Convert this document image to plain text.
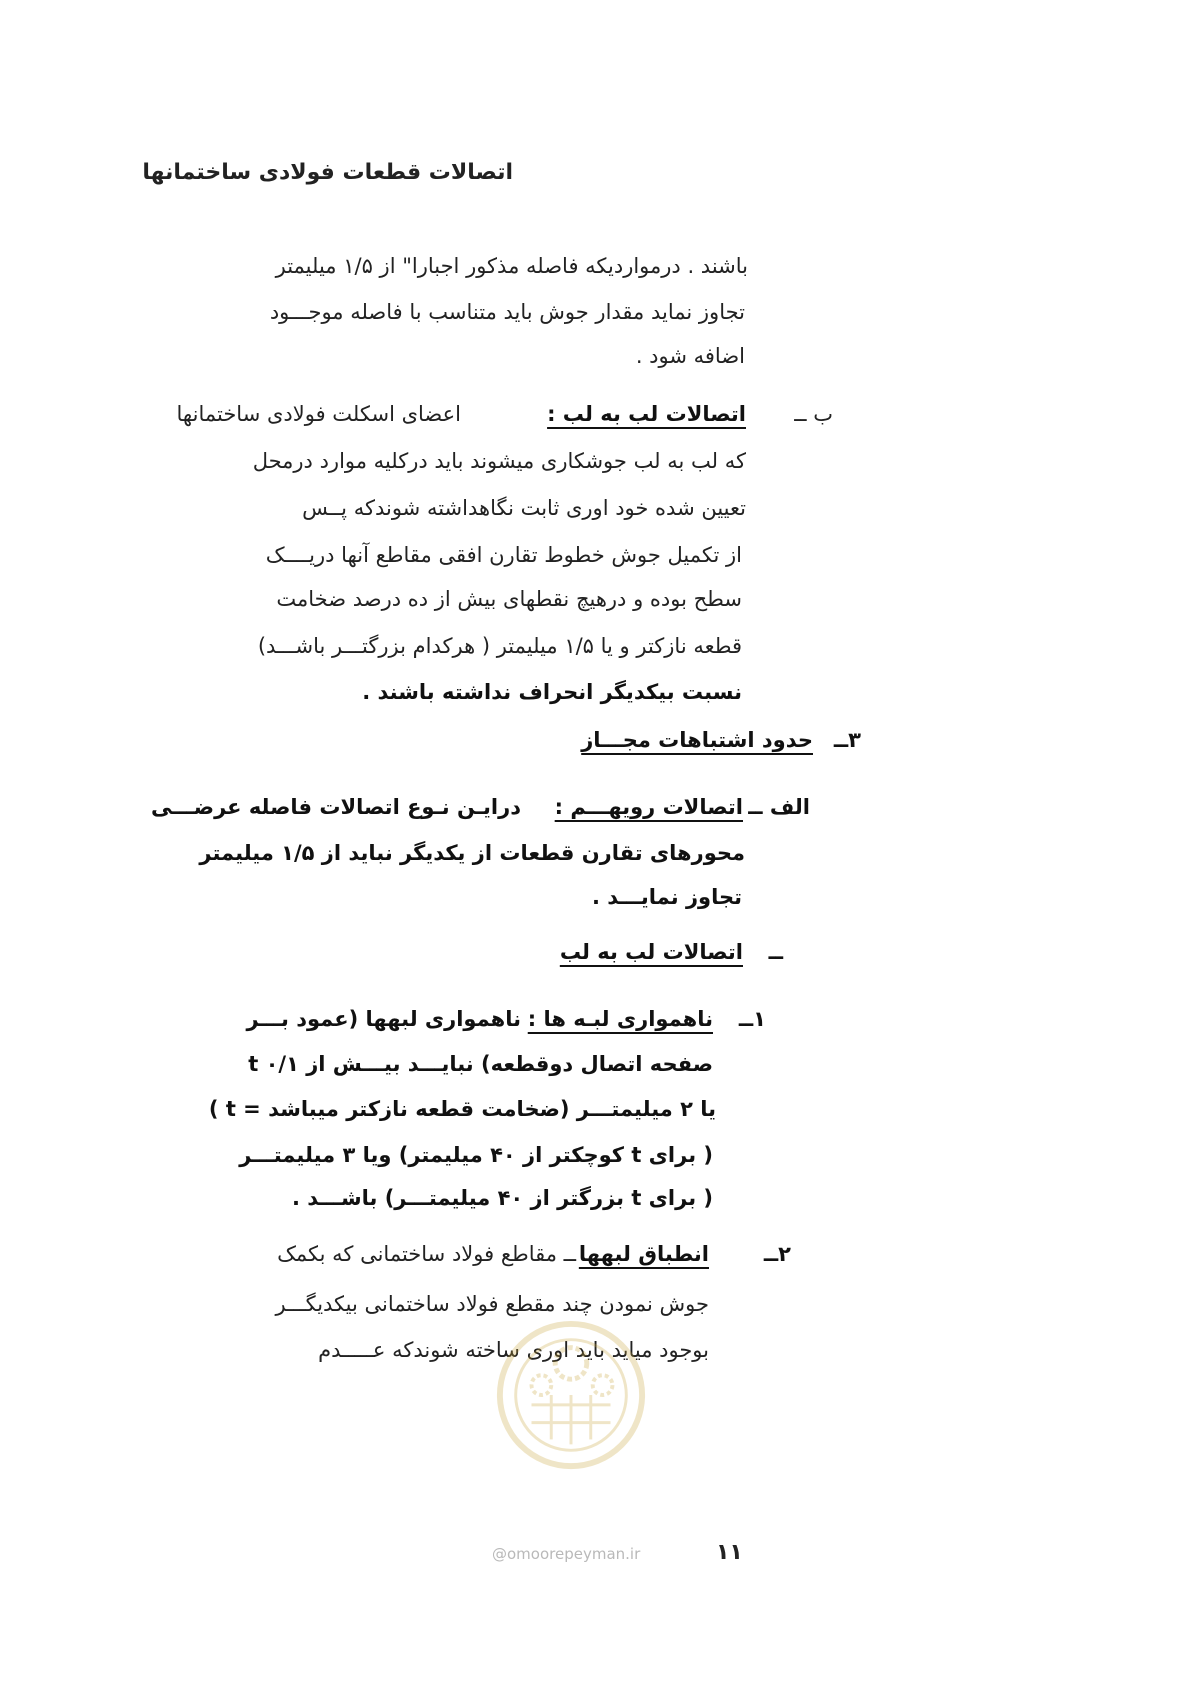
اتصالات قطعات فولادی ساختمانها
باشند . درمواردیکه فاصله مذکور اجبارا" از ۱/۵ میلیمتر
تجاوز نماید مقدار جوش باید متناسب با فاصله موجـــود
اضافه شود .
ب ــ
اتصالات لب به لب :
اعضای اسکلت فولادی ساختمانها
که لب به لب جوشکاری میشوند باید درکلیه موارد درمحل
تعیین شده خود اوری ثابت نگاهداشته شوندکه پــس
از تکمیل جوش خطوط تقارن افقی مقاطع آنها دریــــک
سطح بوده و درهیچ نقطهای بیش از ده درصد ضخامت
قطعه نازکتر و یا ۱/۵ میلیمتر ( هرکدام بزرگتـــر باشـــد)
نسبت بیکدیگر انحراف نداشته باشند .
۳ــ
حدود اشتباهات مجـــاز
الف ــ
اتصالات رویهـــم :
درایـن نـوع اتصالات فاصله عرضـــی
محورهای تقارن قطعات از یکدیگر نباید از ۱/۵ میلیمتر
تجاوز نمایـــد .
ــ
اتصالات لب به لب
۱ــ
ناهمواری لبـه ها :
ناهمواری لبهها (عمود بـــر
صفحه اتصال دوقطعه) نبایـــد بیـــش از ۰/۱ t
( t = ضخامت قطعه نازکتر میباشد) یا ۲ میلیمتـــر
( برای t کوچکتر از ۴۰ میلیمتر) ویا ۳ میلیمتـــر
( برای t بزرگتر از ۴۰ میلیمتـــر) باشـــد .
۲ــ
انطباق لبهها
ــ مقاطع فولاد ساختمانی که بکمک
جوش نمودن چند مقطع فولاد ساختمانی بیکدیگـــر
بوجود میاید باید اوری ساخته شوندکه عـــــدم
@omoorepeyman.ir	۱۱
